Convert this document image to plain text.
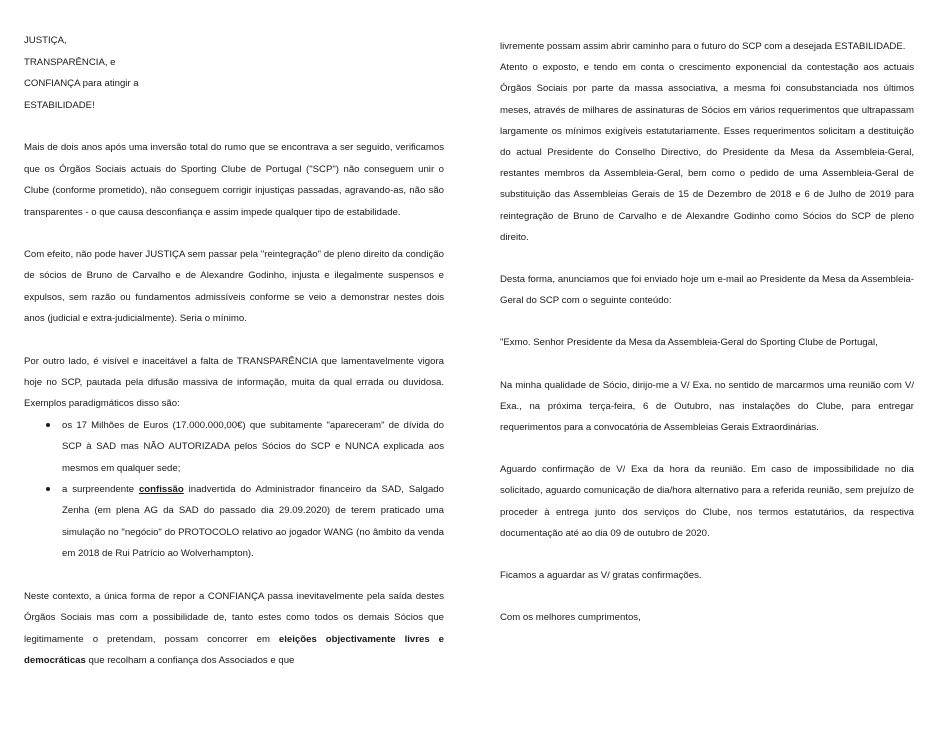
JUSTIÇA,

TRANSPARÊNCIA, e

CONFIANÇA para atingir a

ESTABILIDADE!

Mais de dois anos após uma inversão total do rumo que se encontrava a ser seguido, verificamos que os Órgãos Sociais actuais do Sporting Clube de Portugal ("SCP") não conseguem unir o Clube (conforme prometido), não conseguem corrigir injustiças passadas, agravando-as, não são transparentes - o que causa desconfiança e assim impede qualquer tipo de estabilidade.

Com efeito, não pode haver JUSTIÇA sem passar pela "reintegração" de pleno direito da condição de sócios de Bruno de Carvalho e de Alexandre Godinho, injusta e ilegalmente suspensos e expulsos, sem razão ou fundamentos admissíveis conforme se veio a demonstrar nestes dois anos (judicial e extra-judicialmente). Seria o mínimo.

Por outro lado, é visível e inaceitável a falta de TRANSPARÊNCIA que lamentavelmente vigora hoje no SCP, pautada pela difusão massiva de informação, muita da qual errada ou duvidosa. Exemplos paradigmáticos disso são:

os 17 Milhões de Euros (17.000.000,00€) que subitamente "apareceram" de dívida do SCP à SAD mas NÃO AUTORIZADA pelos Sócios do SCP e NUNCA explicada aos mesmos em qualquer sede;
a surpreendente confissão inadvertida do Administrador financeiro da SAD, Salgado Zenha (em plena AG da SAD do passado dia 29.09.2020) de terem praticado uma simulação no "negócio" do PROTOCOLO relativo ao jogador WANG (no âmbito da venda em 2018 de Rui Patrício ao Wolverhampton).

Neste contexto, a única forma de repor a CONFIANÇA passa inevitavelmente pela saída destes Órgãos Sociais mas com a possibilidade de, tanto estes como todos os demais Sócios que legitimamente o pretendam, possam concorrer em eleições objectivamente livres e democráticas que recolham a confiança dos Associados e que

livremente possam assim abrir caminho para o futuro do SCP com a desejada ESTABILIDADE.

Atento o exposto, e tendo em conta o crescimento exponencial da contestação aos actuais Órgãos Sociais por parte da massa associativa, a mesma foi consubstanciada nos últimos meses, através de milhares de assinaturas de Sócios em vários requerimentos que ultrapassam largamente os mínimos exigíveis estatutariamente. Esses requerimentos solicitam a destituição do actual Presidente do Conselho Directivo, do Presidente da Mesa da Assembleia-Geral, restantes membros da Assembleia-Geral, bem como o pedido de uma Assembleia-Geral de substituição das Assembleias Gerais de 15 de Dezembro de 2018 e 6 de Julho de 2019 para reintegração de Bruno de Carvalho e de Alexandre Godinho como Sócios do SCP de pleno direito.

Desta forma, anunciamos que foi enviado hoje um e-mail ao Presidente da Mesa da Assembleia-Geral do SCP com o seguinte conteúdo:

"Exmo. Senhor Presidente da Mesa da Assembleia-Geral do Sporting Clube de Portugal,

Na minha qualidade de Sócio, dirijo-me a V/ Exa. no sentido de marcarmos uma reunião com V/ Exa., na próxima terça-feira, 6 de Outubro, nas instalações do Clube, para entregar requerimentos para a convocatória de Assembleias Gerais Extraordinárias.

Aguardo confirmação de V/ Exa da hora da reunião. Em caso de impossibilidade no dia solicitado, aguardo comunicação de dia/hora alternativo para a referida reunião, sem prejuízo de proceder à entrega junto dos serviços do Clube, nos termos estatutários, da respectiva documentação até ao dia 09 de outubro de 2020.

Ficamos a aguardar as V/ gratas confirmações.

Com os melhores cumprimentos,
